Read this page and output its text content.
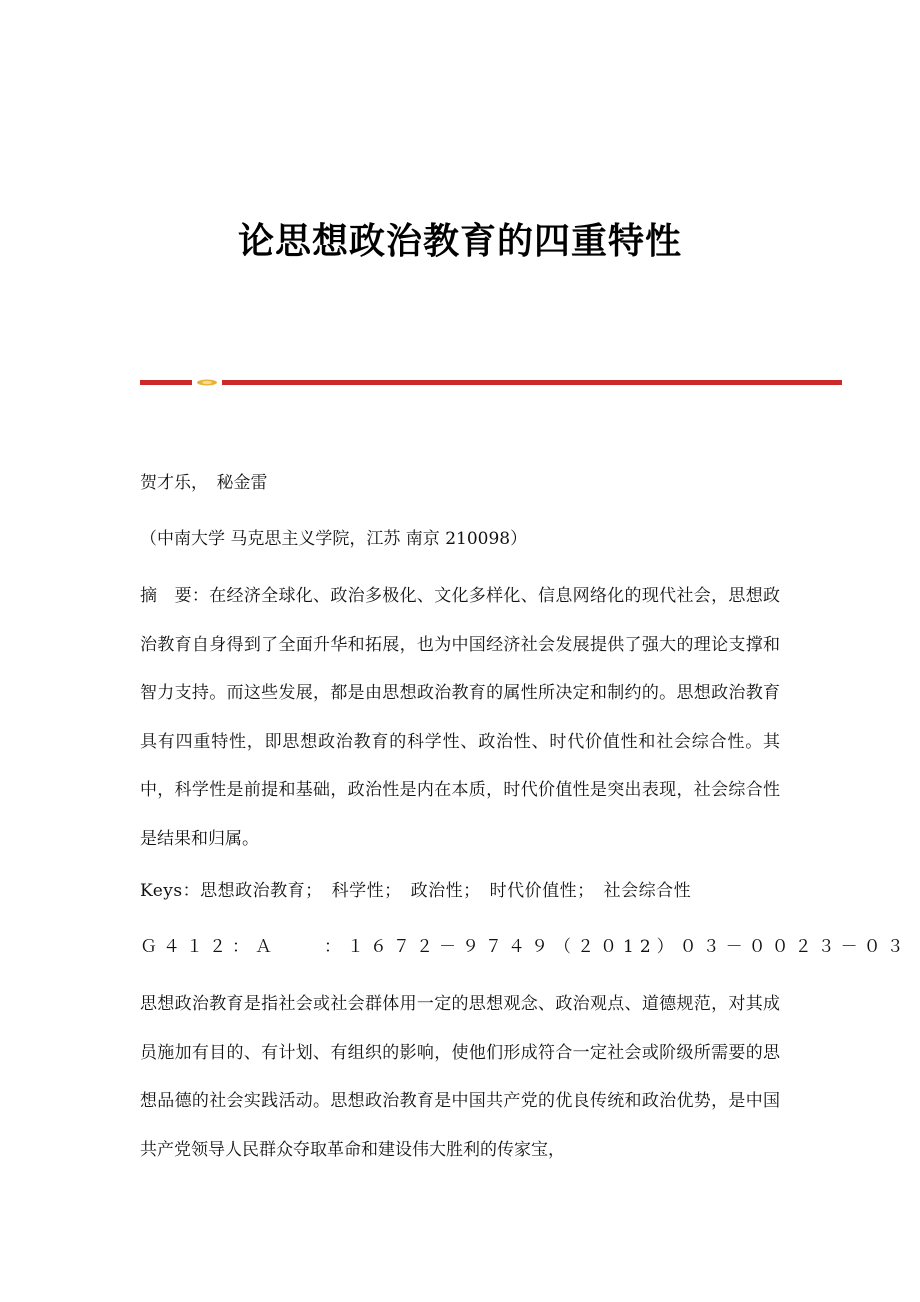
论思想政治教育的四重特性
贺才乐，　秘金雷
（中南大学 马克思主义学院，江苏 南京 210098）
摘　要：在经济全球化、政治多极化、文化多样化、信息网络化的现代社会，思想政治教育自身得到了全面升华和拓展，也为中国经济社会发展提供了强大的理论支撑和智力支持。而这些发展，都是由思想政治教育的属性所决定和制约的。思想政治教育具有四重特性，即思想政治教育的科学性、政治性、时代价值性和社会综合性。其中，科学性是前提和基础，政治性是内在本质，时代价值性是突出表现，社会综合性是结果和归属。
Keys：思想政治教育；　科学性；　政治性；　时代价值性；　社会综合性
Ｇ４１２：Ａ　　：１６７２－９７４９（２０12）０３－００２３－０３
思想政治教育是指社会或社会群体用一定的思想观念、政治观点、道德规范，对其成员施加有目的、有计划、有组织的影响，使他们形成符合一定社会或阶级所需要的思想品德的社会实践活动。思想政治教育是中国共产党的优良传统和政治优势，是中国共产党领导人民群众夺取革命和建设伟大胜利的传家宝，
